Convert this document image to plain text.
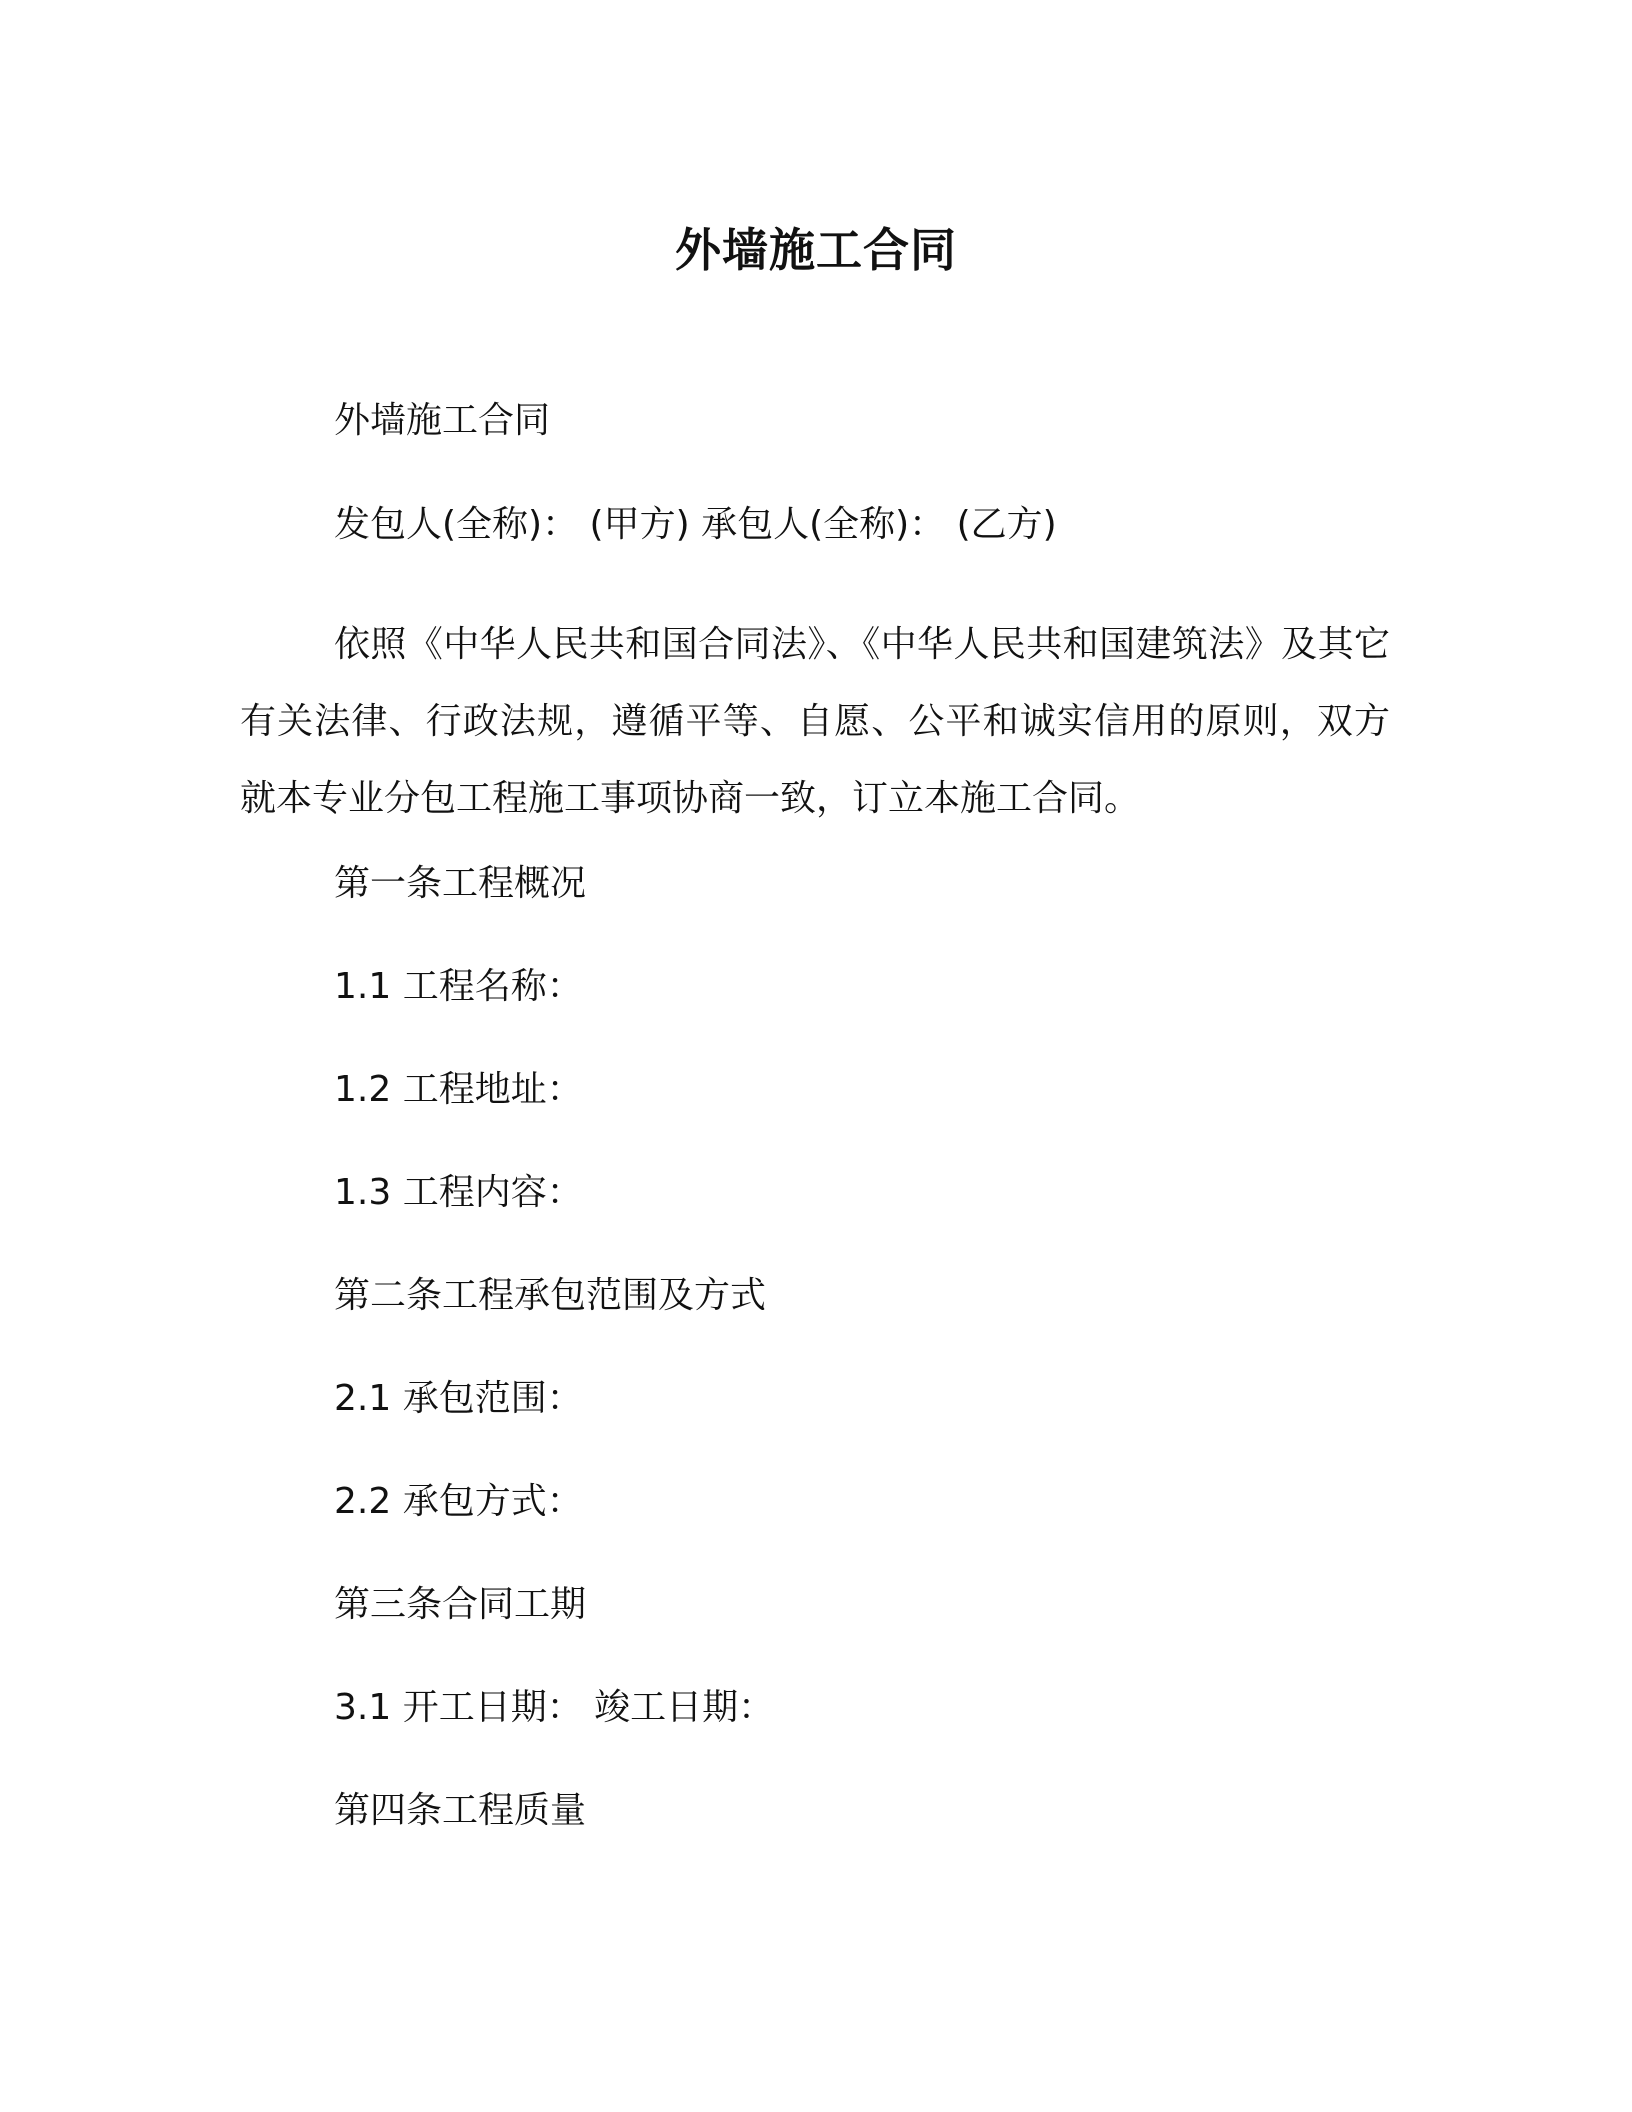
外墙施工合同
外墙施工合同
发包人(全称)： (甲方) 承包人(全称)： (乙方)
依照《中华人民共和国合同法》、《中华人民共和国建筑法》及其它有关法律、行政法规，遵循平等、自愿、公平和诚实信用的原则，双方就本专业分包工程施工事项协商一致，订立本施工合同。
第一条工程概况
1.1 工程名称：
1.2 工程地址：
1.3 工程内容：
第二条工程承包范围及方式
2.1 承包范围：
2.2 承包方式：
第三条合同工期
3.1 开工日期： 竣工日期：
第四条工程质量
